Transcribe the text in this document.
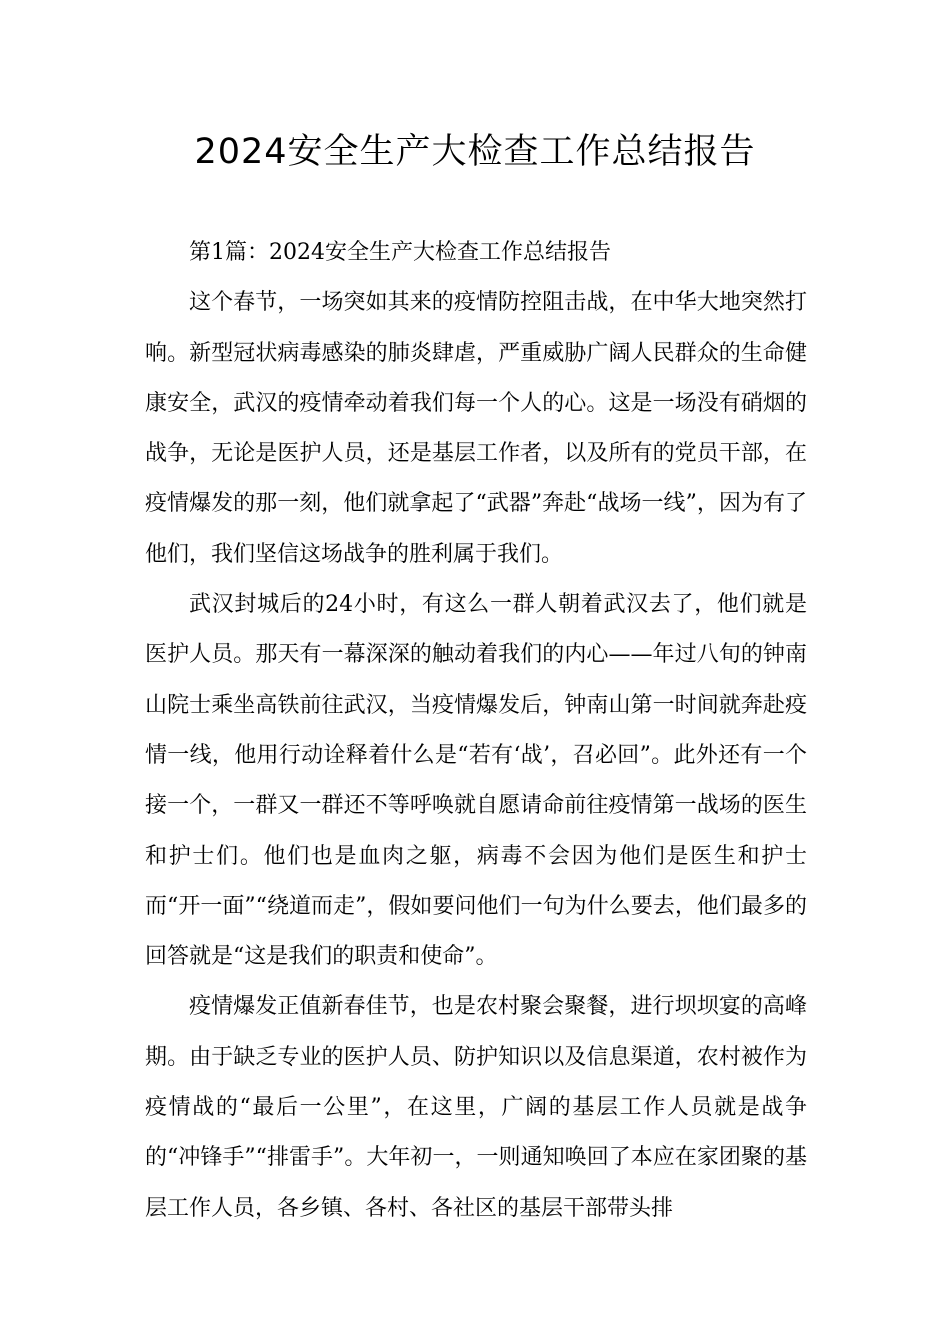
2024安全生产大检查工作总结报告

第1篇：2024安全生产大检查工作总结报告

这个春节，一场突如其来的疫情防控阻击战，在中华大地突然打响。新型冠状病毒感染的肺炎肆虐，严重威胁广阔人民群众的生命健康安全，武汉的疫情牵动着我们每一个人的心。这是一场没有硝烟的战争，无论是医护人员，还是基层工作者，以及所有的党员干部，在疫情爆发的那一刻，他们就拿起了“武器”奔赴“战场一线”，因为有了他们，我们坚信这场战争的胜利属于我们。

武汉封城后的24小时，有这么一群人朝着武汉去了，他们就是医护人员。那天有一幕深深的触动着我们的内心——年过八旬的钟南山院士乘坐高铁前往武汉，当疫情爆发后，钟南山第一时间就奔赴疫情一线，他用行动诠释着什么是“若有‘战’，召必回”。此外还有一个接一个，一群又一群还不等呼唤就自愿请命前往疫情第一战场的医生和护士们。他们也是血肉之躯，病毒不会因为他们是医生和护士而“开一面”“绕道而走”，假如要问他们一句为什么要去，他们最多的回答就是“这是我们的职责和使命”。

疫情爆发正值新春佳节，也是农村聚会聚餐，进行坝坝宴的高峰期。由于缺乏专业的医护人员、防护知识以及信息渠道，农村被作为疫情战的“最后一公里”，在这里，广阔的基层工作人员就是战争的“冲锋手”“排雷手”。大年初一，一则通知唤回了本应在家团聚的基层工作人员，各乡镇、各村、各社区的基层干部带头排
